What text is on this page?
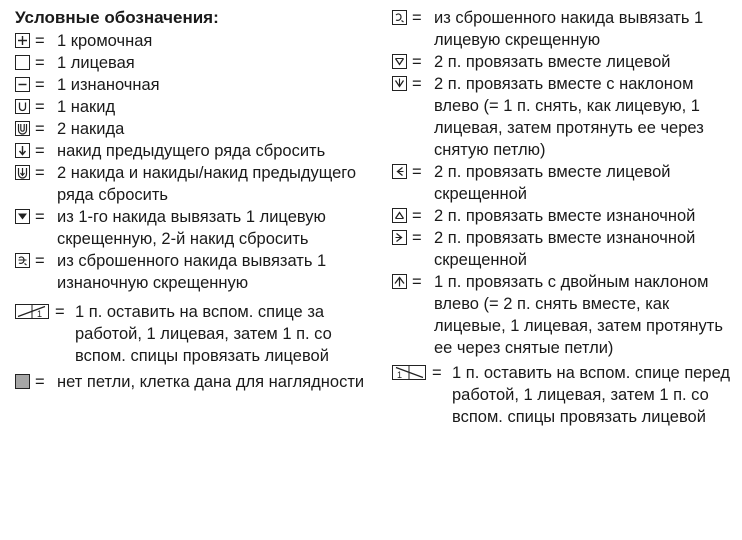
Условные обозначения:
= 1 кромочная
= 1 лицевая
= 1 изнаночная
= 1 накид
= 2 накида
= накид предыдущего ряда сбросить
= 2 накида и накиды/накид предыдущего ряда сбросить
= из 1-го накида вывязать 1 лицевую скрещенную, 2-й накид сбросить
= из сброшенного накида вывязать 1 изнаночную скрещенную
1 = 1 п. оставить на вспом. спице за работой, 1 лицевая, затем 1 п. со вспом. спицы провязать лицевой
= нет петли, клетка дана для наглядности
= из сброшенного накида вывязать 1 лицевую скрещенную
= 2 п. провязать вместе лицевой
= 2 п. провязать вместе с наклоном влево (= 1 п. снять, как лицевую, 1 лицевая, затем протянуть ее через снятую петлю)
= 2 п. провязать вместе лицевой скрещенной
= 2 п. провязать вместе изнаночной
= 2 п. провязать вместе изнаночной скрещенной
= 1 п. провязать с двойным наклоном влево (= 2 п. снять вместе, как лицевые, 1 лицевая, затем протянуть ее через снятые петли)
1 = 1 п. оставить на вспом. спице перед работой, 1 лицевая, затем 1 п. со вспом. спицы провязать лицевой
